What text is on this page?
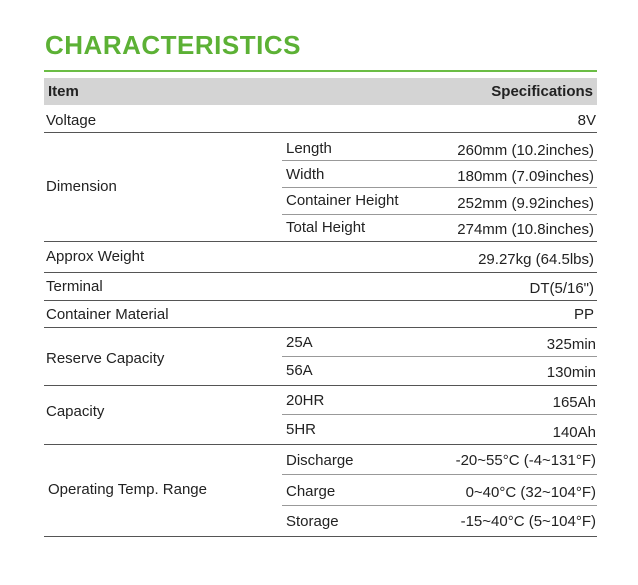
CHARACTERISTICS
Item	Specifications
Voltage	8V
Dimension
Length	260mm (10.2inches)
Width	180mm (7.09inches)
Container Height	252mm (9.92inches)
Total Height	274mm (10.8inches)
Approx Weight	29.27kg (64.5lbs)
Terminal	DT(5/16")
Container Material	PP
Reserve Capacity
25A	325min
56A	130min
Capacity
20HR	165Ah
5HR	140Ah
Operating Temp. Range
Discharge	-20~55°C (-4~131°F)
Charge	0~40°C (32~104°F)
Storage	-15~40°C (5~104°F)
